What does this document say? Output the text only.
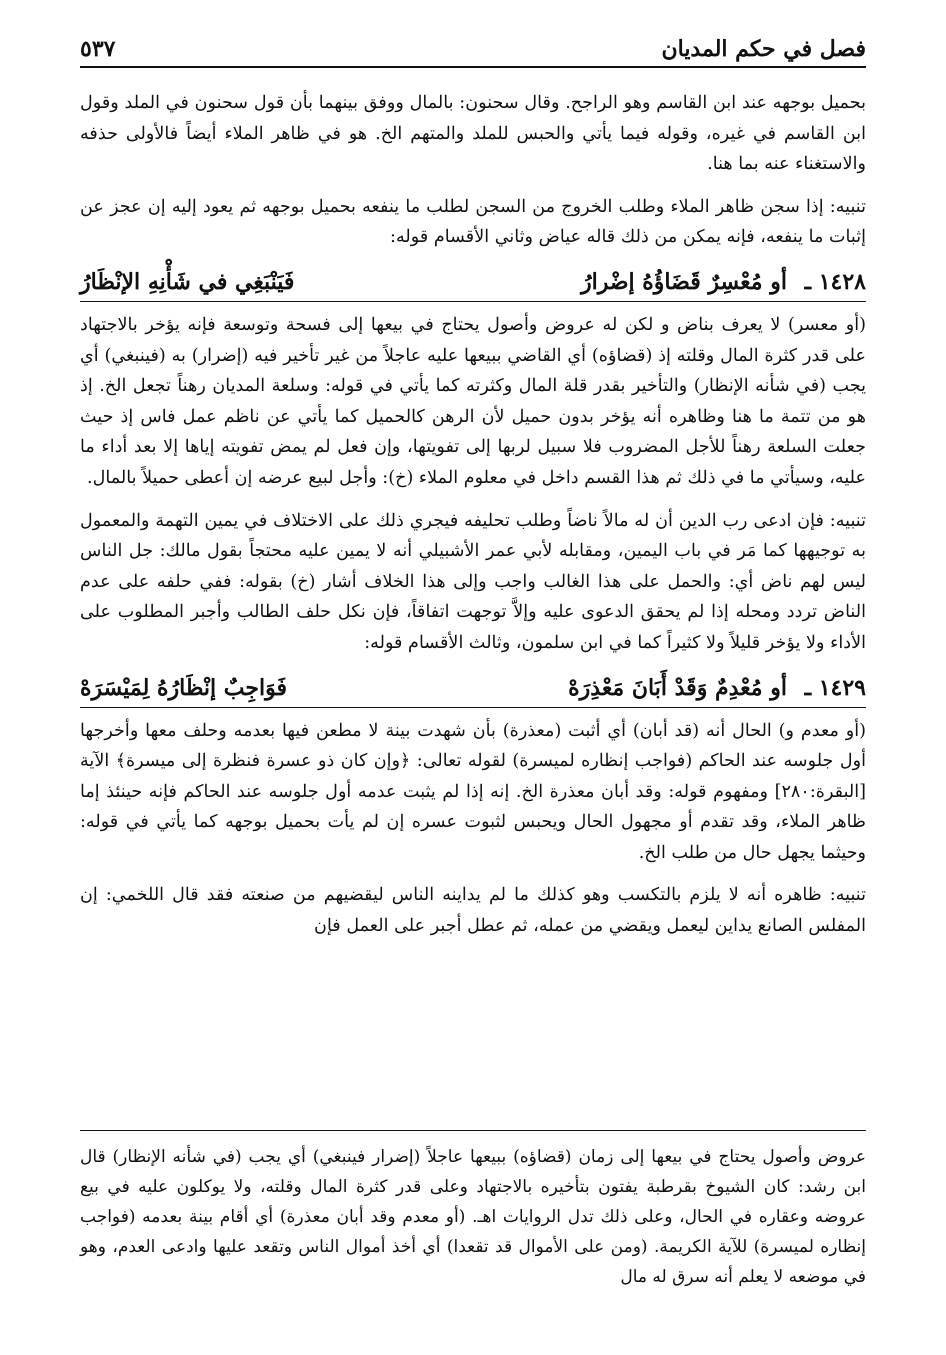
فصل في حكم المديان
٥٣٧

بحميل بوجهه عند ابن القاسم وهو الراجح. وقال سحنون: بالمال ووفق بينهما بأن قول سحنون في الملد وقول ابن القاسم في غيره، وقوله فيما يأتي والحبس للملد والمتهم الخ. هو في ظاهر الملاء أيضاً فالأولى حذفه والاستغناء عنه بما هنا.

تنبيه: إذا سجن ظاهر الملاء وطلب الخروج من السجن لطلب ما ينفعه بحميل بوجهه ثم يعود إليه إن عجز عن إثبات ما ينفعه، فإنه يمكن من ذلك قاله عياض وثاني الأقسام قوله:

١٤٢٨ ـ أو مُعْسِرٌ قَضَاؤُهُ إضْرارُ
فَيَنْبَغِي في شَأْنِهِ الإنْظَارُ

(أو معسر) لا يعرف بناض و لكن له عروض وأصول يحتاج في بيعها إلى فسحة وتوسعة فإنه يؤخر بالاجتهاد على قدر كثرة المال وقلته إذ (قضاؤه) أي القاضي ببيعها عليه عاجلاً من غير تأخير فيه (إضرار) به (فينبغي) أي يجب (في شأنه الإنظار) والتأخير بقدر قلة المال وكثرته كما يأتي في قوله: وسلعة المديان رهناً تجعل الخ. إذ هو من تتمة ما هنا وظاهره أنه يؤخر بدون حميل لأن الرهن كالحميل كما يأتي عن ناظم عمل فاس إذ حيث جعلت السلعة رهناً للأجل المضروب فلا سبيل لربها إلى تفويتها، وإن فعل لم يمض تفويته إياها إلا بعد أداء ما عليه، وسيأتي ما في ذلك ثم هذا القسم داخل في معلوم الملاء (خ): وأجل لبيع عرضه إن أعطى حميلاً بالمال.

تنبيه: فإن ادعى رب الدين أن له مالاً ناضاً وطلب تحليفه فيجري ذلك على الاختلاف في يمين التهمة والمعمول به توجيهها كما مَر في باب اليمين، ومقابله لأبي عمر الأشبيلي أنه لا يمين عليه محتجاً بقول مالك: جل الناس ليس لهم ناض أي: والحمل على هذا الغالب واجب وإلى هذا الخلاف أشار (خ) بقوله: ففي حلفه على عدم الناض تردد ومحله إذا لم يحقق الدعوى عليه وإلاَّ توجهت اتفاقاً، فإن نكل حلف الطالب وأجبر المطلوب على الأداء ولا يؤخر قليلاً ولا كثيراً كما في ابن سلمون، وثالث الأقسام قوله:

١٤٢٩ ـ أو مُعْدِمٌ وَقَدْ أَبَانَ مَعْذِرَهْ
فَوَاجِبٌ إنْظَارُهُ لِمَيْسَرَهْ

(أو معدم و) الحال أنه (قد أبان) أي أثبت (معذرة) بأن شهدت بينة لا مطعن فيها بعدمه وحلف معها وأخرجها أول جلوسه عند الحاكم (فواجب إنظاره لميسرة) لقوله تعالى: ﴿وإن كان ذو عسرة فنظرة إلى ميسرة﴾ الآية [البقرة:٢٨٠] ومفهوم قوله: وقد أبان معذرة الخ. إنه إذا لم يثبت عدمه أول جلوسه عند الحاكم فإنه حينئذ إما ظاهر الملاء، وقد تقدم أو مجهول الحال ويحبس لثبوت عسره إن لم يأت بحميل بوجهه كما يأتي في قوله: وحيثما يجهل حال من طلب الخ.

تنبيه: ظاهره أنه لا يلزم بالتكسب وهو كذلك ما لم يداينه الناس ليقضيهم من صنعته فقد قال اللخمي: إن المفلس الصانع يداين ليعمل ويقضي من عمله، ثم عطل أجبر على العمل فإن

عروض وأصول يحتاج في بيعها إلى زمان (قضاؤه) ببيعها عاجلاً (إضرار فينبغي) أي يجب (في شأنه الإنظار) قال ابن رشد: كان الشيوخ بقرطبة يفتون بتأخيره بالاجتهاد وعلى قدر كثرة المال وقلته، ولا يوكلون عليه في بيع عروضه وعقاره في الحال، وعلى ذلك تدل الروايات اهـ. (أو معدم وقد أبان معذرة) أي أقام بينة بعدمه (فواجب إنظاره لميسرة) للآية الكريمة. (ومن على الأموال قد تقعدا) أي أخذ أموال الناس وتقعد عليها وادعى العدم، وهو في موضعه لا يعلم أنه سرق له مال
